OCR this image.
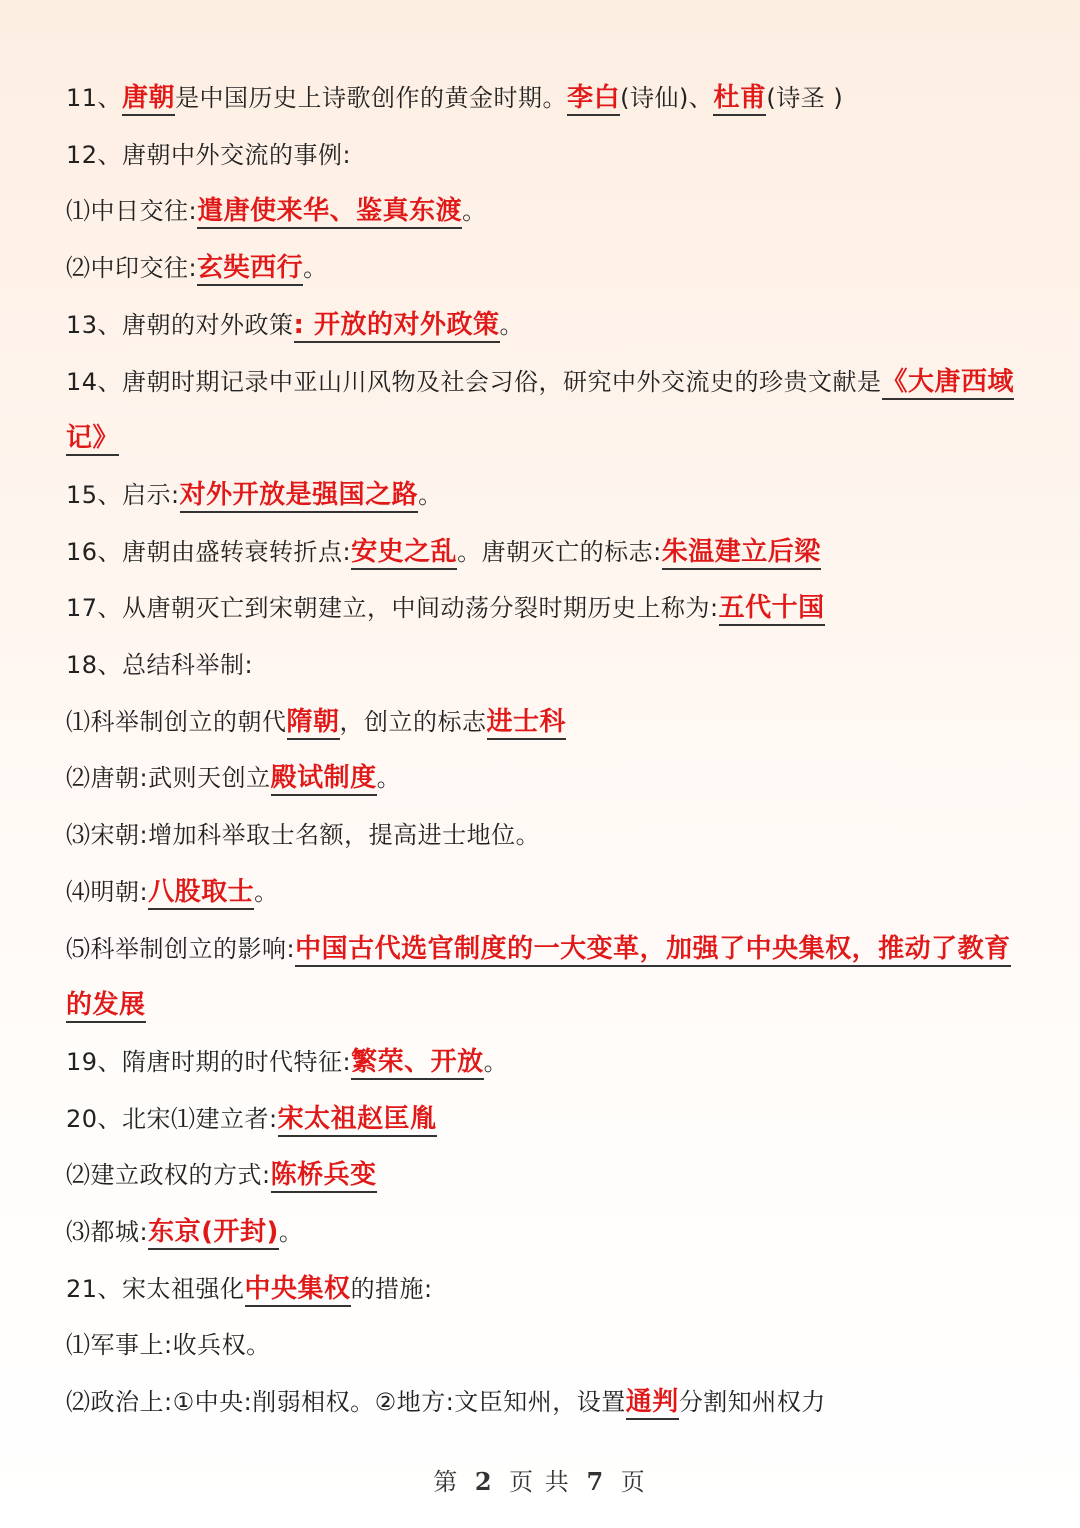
11、唐朝是中国历史上诗歌创作的黄金时期。李白(诗仙)、杜甫(诗圣 )
12、唐朝中外交流的事例:
⑴中日交往:遣唐使来华、鉴真东渡。
⑵中印交往:玄奘西行。
13、唐朝的对外政策: 开放的对外政策。
14、唐朝时期记录中亚山川风物及社会习俗，研究中外交流史的珍贵文献是《大唐西域记》
15、启示:对外开放是强国之路。
16、唐朝由盛转衰转折点:安史之乱。唐朝灭亡的标志:朱温建立后梁
17、从唐朝灭亡到宋朝建立，中间动荡分裂时期历史上称为:五代十国
18、总结科举制:
⑴科举制创立的朝代隋朝，创立的标志进士科
⑵唐朝:武则天创立殿试制度。
⑶宋朝:增加科举取士名额，提高进士地位。
⑷明朝:八股取士。
⑸科举制创立的影响:中国古代选官制度的一大变革，加强了中央集权，推动了教育的发展
19、隋唐时期的时代特征:繁荣、开放。
20、北宋⑴建立者:宋太祖赵匡胤
⑵建立政权的方式:陈桥兵变
⑶都城:东京(开封)。
21、宋太祖强化中央集权的措施:
⑴军事上:收兵权。
⑵政治上:①中央:削弱相权。②地方:文臣知州，设置通判分割知州权力
第 2 页 共 7 页
